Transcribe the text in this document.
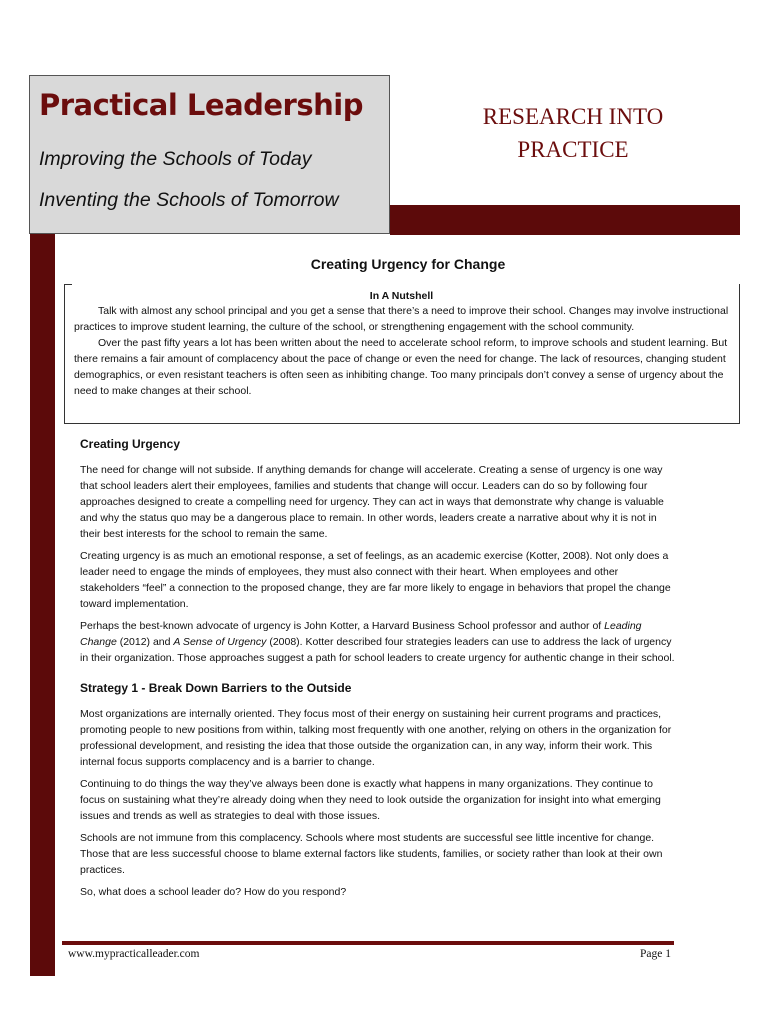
Practical Leadership
Improving the Schools of Today
Inventing the Schools of Tomorrow
RESEARCH INTO
PRACTICE
Creating Urgency for Change
In A Nutshell

Talk with almost any school principal and you get a sense that there’s a need to improve their school. Changes may involve instructional practices to improve student learning, the culture of the school, or strengthening engagement with the school community.

Over the past fifty years a lot has been written about the need to accelerate school reform, to improve schools and student learning. But there remains a fair amount of complacency about the pace of change or even the need for change. The lack of resources, changing student demographics, or even resistant teachers is often seen as inhibiting change. Too many principals don’t convey a sense of urgency about the need to make changes at their school.

Creating Urgency

The need for change will not subside. If anything demands for change will accelerate. Creating a sense of urgency is one way that school leaders alert their employees, families and students that change will occur. Leaders can do so by following four approaches designed to create a compelling need for urgency. They can act in ways that demonstrate why change is valuable and why the status quo may be a dangerous place to remain. In other words, leaders create a narrative about why it is not in their best interests for the school to remain the same.

Creating urgency is as much an emotional response, a set of feelings, as an academic exercise (Kotter, 2008). Not only does a leader need to engage the minds of employees, they must also connect with their heart. When employees and other stakeholders “feel” a connection to the proposed change, they are far more likely to engage in behaviors that propel the change toward implementation.

Perhaps the best-known advocate of urgency is John Kotter, a Harvard Business School professor and author of Leading Change (2012) and A Sense of Urgency (2008). Kotter described four strategies leaders can use to address the lack of urgency in their organization. Those approaches suggest a path for school leaders to create urgency for authentic change in their school.

Strategy 1 - Break Down Barriers to the Outside

Most organizations are internally oriented. They focus most of their energy on sustaining heir current programs and practices, promoting people to new positions from within, talking most frequently with one another, relying on others in the organization for professional development, and resisting the idea that those outside the organization can, in any way, inform their work. This internal focus supports complacency and is a barrier to change.

Continuing to do things the way they’ve always been done is exactly what happens in many organizations. They continue to focus on sustaining what they’re already doing when they need to look outside the organization for insight into what emerging issues and trends as well as strategies to deal with those issues.

Schools are not immune from this complacency. Schools where most students are successful see little incentive for change. Those that are less successful choose to blame external factors like students, families, or society rather than look at their own practices.

So, what does a school leader do? How do you respond?

www.mypracticalleader.com	Page 1
